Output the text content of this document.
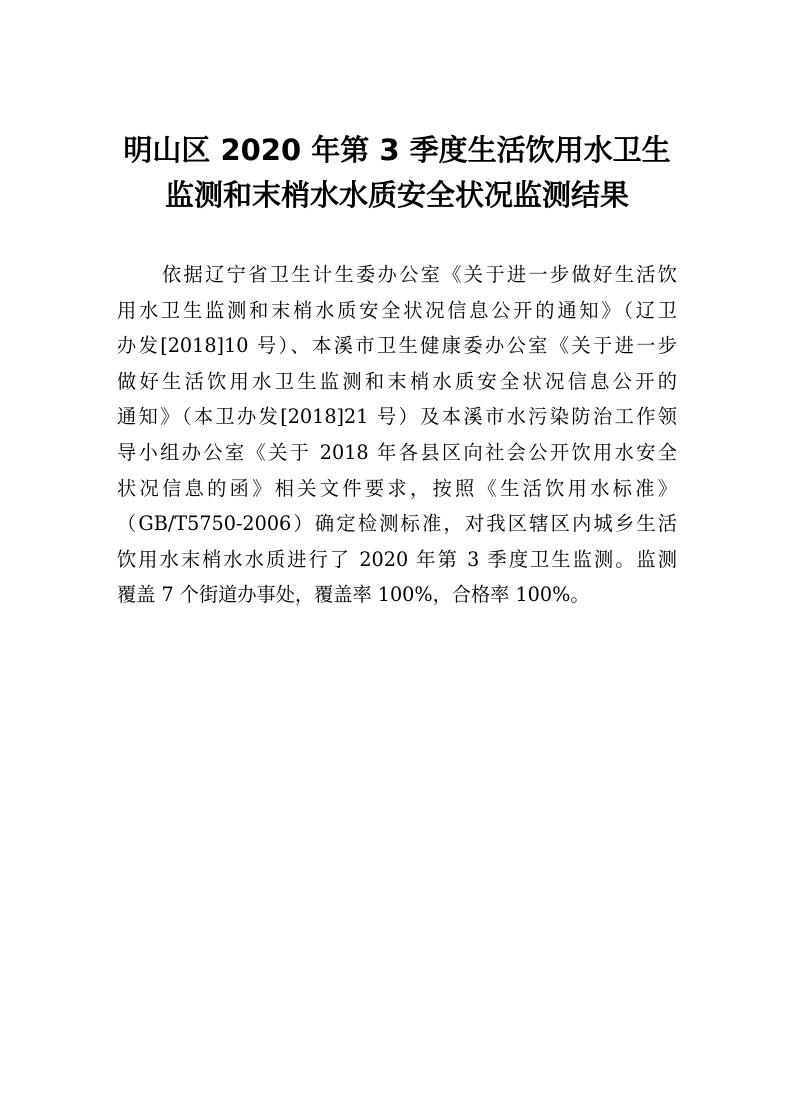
明山区 2020 年第 3 季度生活饮用水卫生
监测和末梢水水质安全状况监测结果
依据辽宁省卫生计生委办公室《关于进一步做好生活饮
用水卫生监测和末梢水质安全状况信息公开的通知》（辽卫
办发[2018]10 号）、本溪市卫生健康委办公室《关于进一步
做好生活饮用水卫生监测和末梢水质安全状况信息公开的
通知》（本卫办发[2018]21 号）及本溪市水污染防治工作领
导小组办公室《关于 2018 年各县区向社会公开饮用水安全
状况信息的函》相关文件要求，按照《生活饮用水标准》
（GB/T5750-2006）确定检测标准，对我区辖区内城乡生活
饮用水末梢水水质进行了 2020 年第 3 季度卫生监测。监测
覆盖 7 个街道办事处，覆盖率 100%，合格率 100%。
